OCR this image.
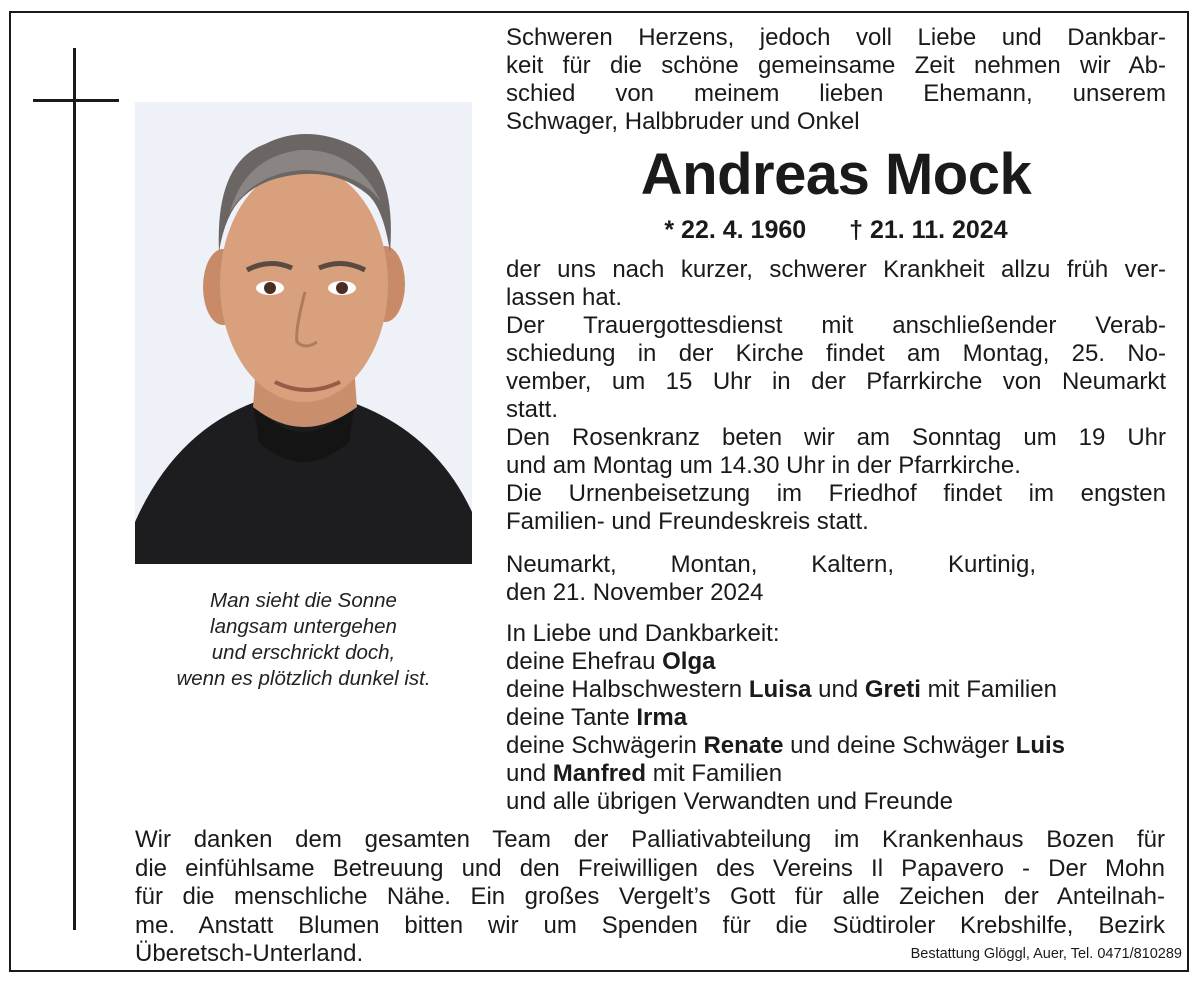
Man sieht die Sonne
langsam untergehen
und erschrickt doch,
wenn es plötzlich dunkel ist.
Schweren Herzens, jedoch voll Liebe und Dankbar-
keit für die schöne gemeinsame Zeit nehmen wir Ab-
schied von meinem lieben Ehemann, unserem
Schwager, Halbbruder und Onkel
Andreas Mock
* 22. 4. 1960 † 21. 11. 2024
der uns nach kurzer, schwerer Krankheit allzu früh ver-
lassen hat.
Der Trauergottesdienst mit anschließender Verab-
schiedung in der Kirche findet am Montag, 25. No-
vember, um 15 Uhr in der Pfarrkirche von Neumarkt
statt.
Den Rosenkranz beten wir am Sonntag um 19 Uhr
und am Montag um 14.30 Uhr in der Pfarrkirche.
Die Urnenbeisetzung im Friedhof findet im engsten
Familien- und Freundeskreis statt.
Neumarkt, Montan, Kaltern, Kurtinig,
den 21. November 2024
In Liebe und Dankbarkeit:
deine Ehefrau Olga
deine Halbschwestern Luisa und Greti mit Familien
deine Tante Irma
deine Schwägerin Renate und deine Schwäger Luis
und Manfred mit Familien
und alle übrigen Verwandten und Freunde
Wir danken dem gesamten Team der Palliativabteilung im Krankenhaus Bozen für
die einfühlsame Betreuung und den Freiwilligen des Vereins Il Papavero - Der Mohn
für die menschliche Nähe. Ein großes Vergelt’s Gott für alle Zeichen der Anteilnah-
me. Anstatt Blumen bitten wir um Spenden für die Südtiroler Krebshilfe, Bezirk
Überetsch-Unterland.	Bestattung Glöggl, Auer, Tel. 0471/810289
